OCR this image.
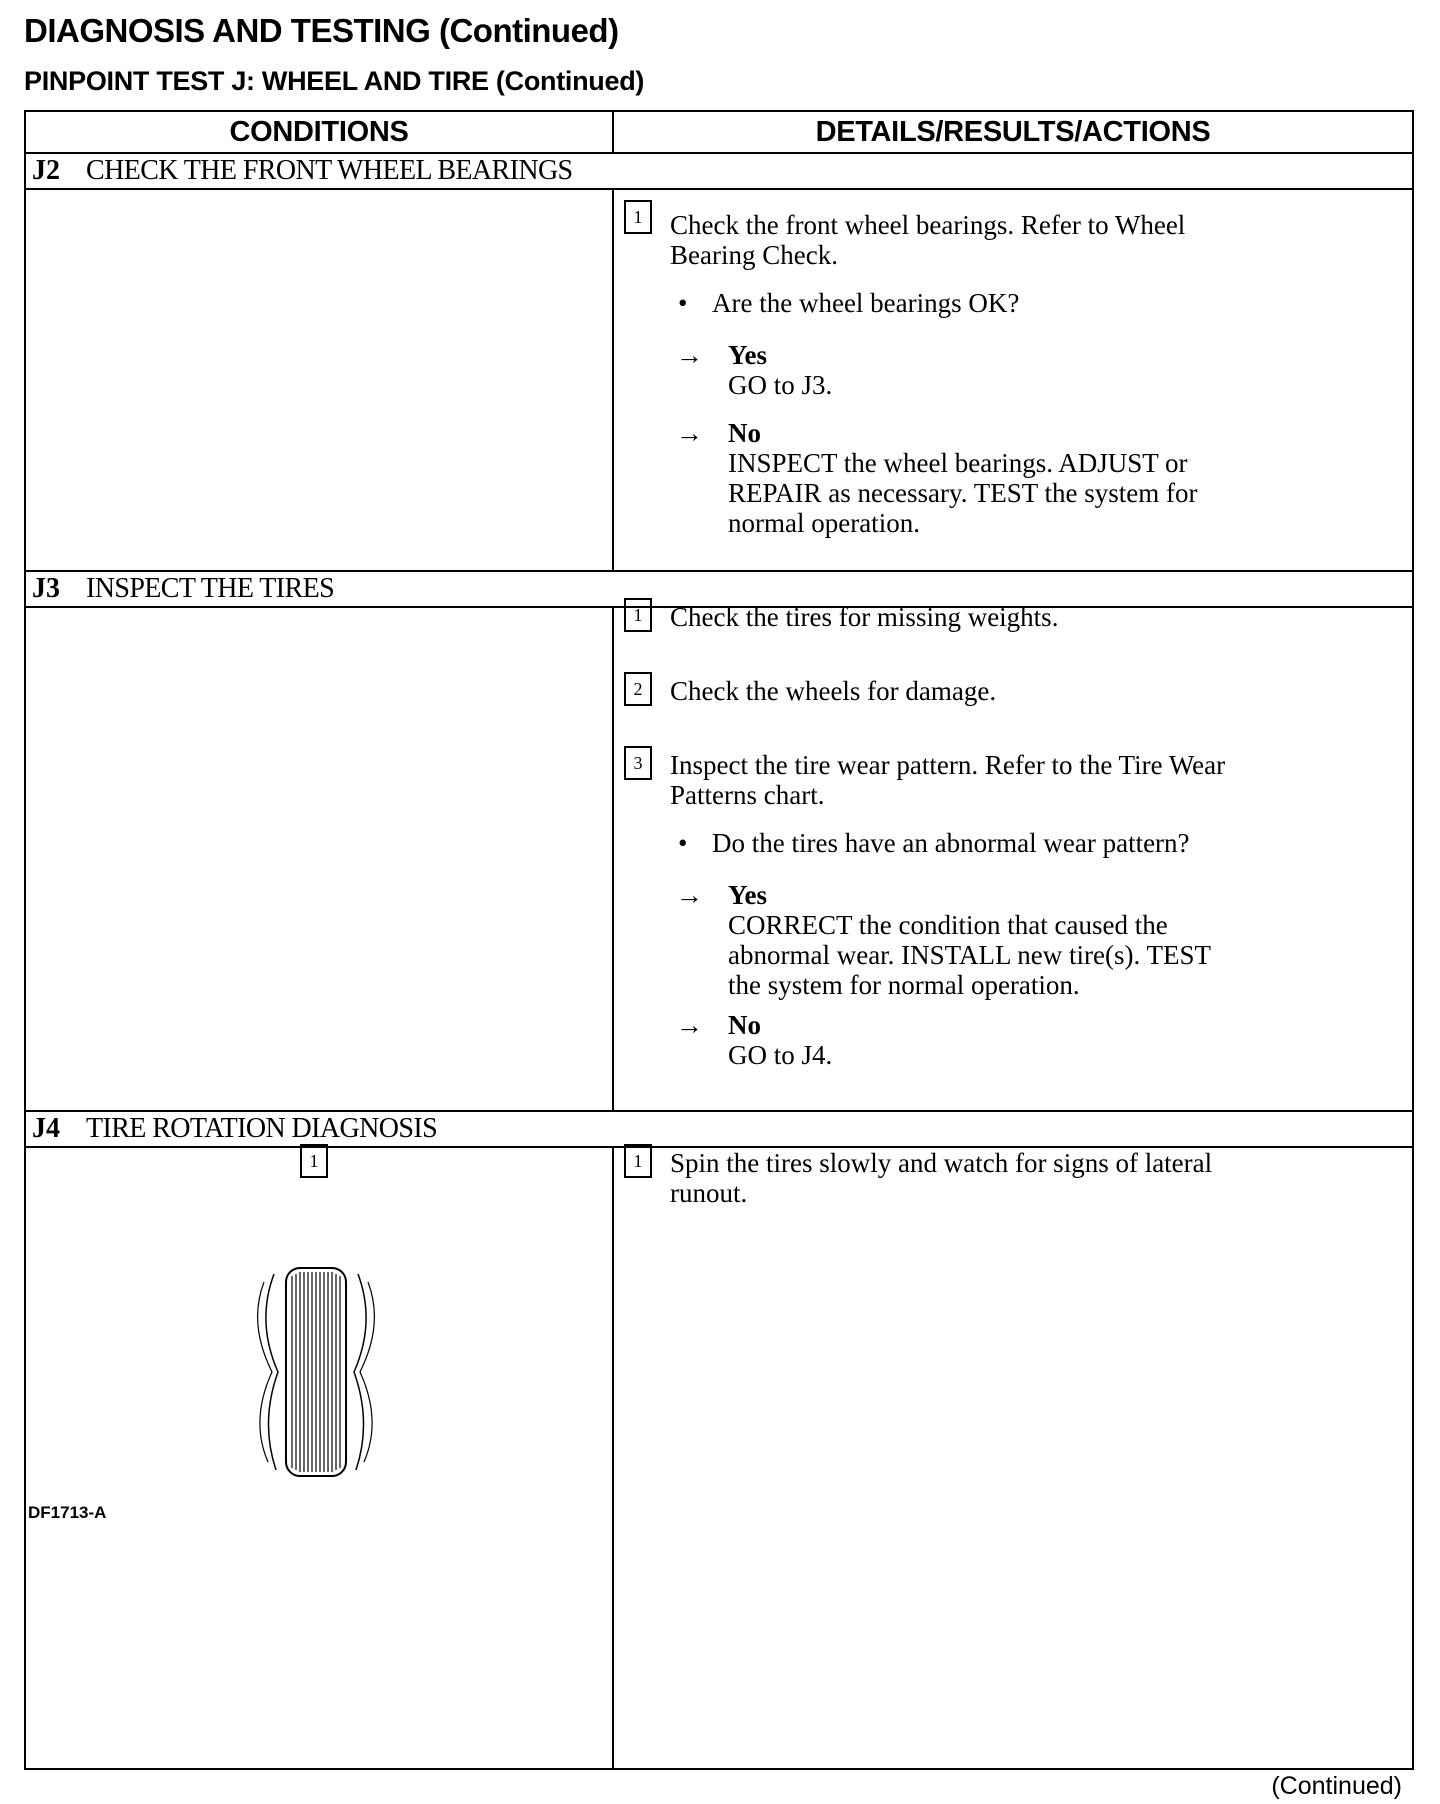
DIAGNOSIS AND TESTING (Continued)
PINPOINT TEST J: WHEEL AND TIRE (Continued)
CONDITIONS	DETAILS/RESULTS/ACTIONS
J2 CHECK THE FRONT WHEEL BEARINGS
1	Check the front wheel bearings. Refer to Wheel Bearing Check.
• Are the wheel bearings OK?
→ Yes
GO to J3.
→ No
INSPECT the wheel bearings. ADJUST or REPAIR as necessary. TEST the system for normal operation.
J3 INSPECT THE TIRES
1	Check the tires for missing weights.
2	Check the wheels for damage.
3	Inspect the tire wear pattern. Refer to the Tire Wear Patterns chart.
• Do the tires have an abnormal wear pattern?
→ Yes
CORRECT the condition that caused the abnormal wear. INSTALL new tire(s). TEST the system for normal operation.
→ No
GO to J4.
J4 TIRE ROTATION DIAGNOSIS
1	1	Spin the tires slowly and watch for signs of lateral runout.
DF1713-A
(Continued)
